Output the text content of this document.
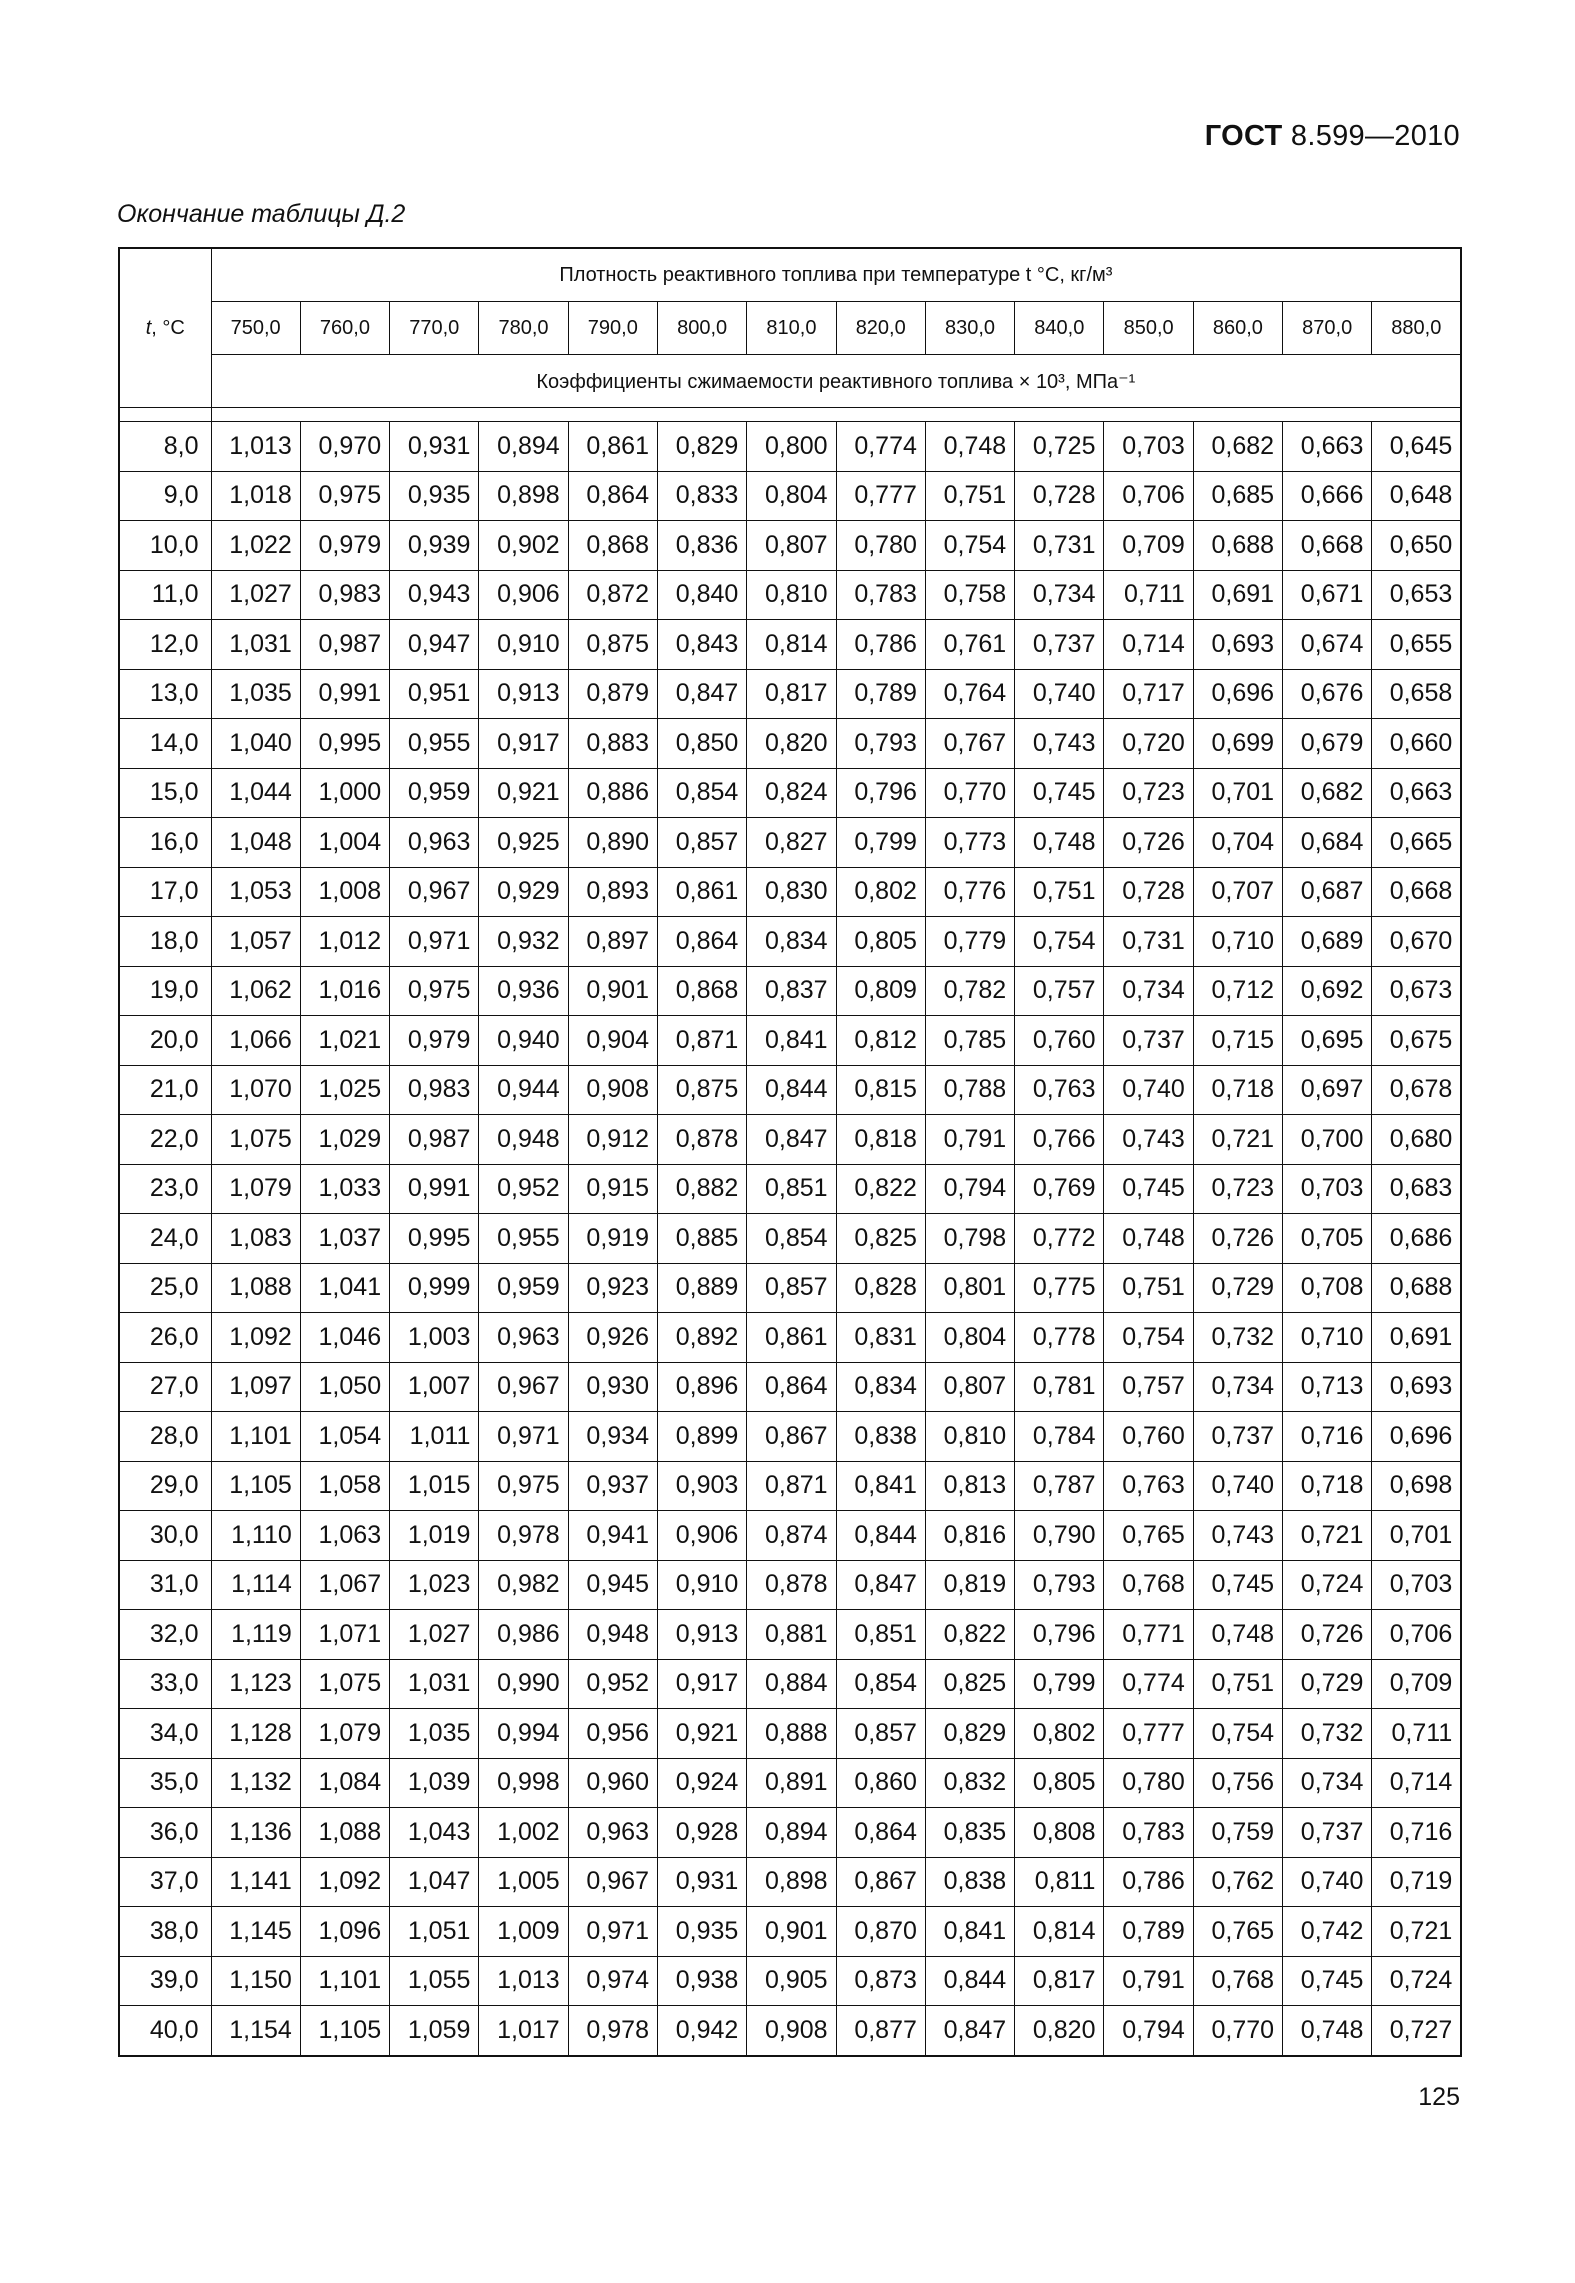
ГОСТ 8.599—2010
Окончание таблицы Д.2
t, °C	Плотность реактивного топлива при температуре t °C, кг/м³													
	750,0	760,0	770,0	780,0	790,0	800,0	810,0	820,0	830,0	840,0	850,0	860,0	870,0	880,0
	Коэффициенты сжимаемости реактивного топлива × 10³, МПа⁻¹													

8,0	1,013	0,970	0,931	0,894	0,861	0,829	0,800	0,774	0,748	0,725	0,703	0,682	0,663	0,645
9,0	1,018	0,975	0,935	0,898	0,864	0,833	0,804	0,777	0,751	0,728	0,706	0,685	0,666	0,648
10,0	1,022	0,979	0,939	0,902	0,868	0,836	0,807	0,780	0,754	0,731	0,709	0,688	0,668	0,650
11,0	1,027	0,983	0,943	0,906	0,872	0,840	0,810	0,783	0,758	0,734	0,711	0,691	0,671	0,653
12,0	1,031	0,987	0,947	0,910	0,875	0,843	0,814	0,786	0,761	0,737	0,714	0,693	0,674	0,655
13,0	1,035	0,991	0,951	0,913	0,879	0,847	0,817	0,789	0,764	0,740	0,717	0,696	0,676	0,658
14,0	1,040	0,995	0,955	0,917	0,883	0,850	0,820	0,793	0,767	0,743	0,720	0,699	0,679	0,660
15,0	1,044	1,000	0,959	0,921	0,886	0,854	0,824	0,796	0,770	0,745	0,723	0,701	0,682	0,663
16,0	1,048	1,004	0,963	0,925	0,890	0,857	0,827	0,799	0,773	0,748	0,726	0,704	0,684	0,665
17,0	1,053	1,008	0,967	0,929	0,893	0,861	0,830	0,802	0,776	0,751	0,728	0,707	0,687	0,668
18,0	1,057	1,012	0,971	0,932	0,897	0,864	0,834	0,805	0,779	0,754	0,731	0,710	0,689	0,670
19,0	1,062	1,016	0,975	0,936	0,901	0,868	0,837	0,809	0,782	0,757	0,734	0,712	0,692	0,673
20,0	1,066	1,021	0,979	0,940	0,904	0,871	0,841	0,812	0,785	0,760	0,737	0,715	0,695	0,675
21,0	1,070	1,025	0,983	0,944	0,908	0,875	0,844	0,815	0,788	0,763	0,740	0,718	0,697	0,678
22,0	1,075	1,029	0,987	0,948	0,912	0,878	0,847	0,818	0,791	0,766	0,743	0,721	0,700	0,680
23,0	1,079	1,033	0,991	0,952	0,915	0,882	0,851	0,822	0,794	0,769	0,745	0,723	0,703	0,683
24,0	1,083	1,037	0,995	0,955	0,919	0,885	0,854	0,825	0,798	0,772	0,748	0,726	0,705	0,686
25,0	1,088	1,041	0,999	0,959	0,923	0,889	0,857	0,828	0,801	0,775	0,751	0,729	0,708	0,688
26,0	1,092	1,046	1,003	0,963	0,926	0,892	0,861	0,831	0,804	0,778	0,754	0,732	0,710	0,691
27,0	1,097	1,050	1,007	0,967	0,930	0,896	0,864	0,834	0,807	0,781	0,757	0,734	0,713	0,693
28,0	1,101	1,054	1,011	0,971	0,934	0,899	0,867	0,838	0,810	0,784	0,760	0,737	0,716	0,696
29,0	1,105	1,058	1,015	0,975	0,937	0,903	0,871	0,841	0,813	0,787	0,763	0,740	0,718	0,698
30,0	1,110	1,063	1,019	0,978	0,941	0,906	0,874	0,844	0,816	0,790	0,765	0,743	0,721	0,701
31,0	1,114	1,067	1,023	0,982	0,945	0,910	0,878	0,847	0,819	0,793	0,768	0,745	0,724	0,703
32,0	1,119	1,071	1,027	0,986	0,948	0,913	0,881	0,851	0,822	0,796	0,771	0,748	0,726	0,706
33,0	1,123	1,075	1,031	0,990	0,952	0,917	0,884	0,854	0,825	0,799	0,774	0,751	0,729	0,709
34,0	1,128	1,079	1,035	0,994	0,956	0,921	0,888	0,857	0,829	0,802	0,777	0,754	0,732	0,711
35,0	1,132	1,084	1,039	0,998	0,960	0,924	0,891	0,860	0,832	0,805	0,780	0,756	0,734	0,714
36,0	1,136	1,088	1,043	1,002	0,963	0,928	0,894	0,864	0,835	0,808	0,783	0,759	0,737	0,716
37,0	1,141	1,092	1,047	1,005	0,967	0,931	0,898	0,867	0,838	0,811	0,786	0,762	0,740	0,719
38,0	1,145	1,096	1,051	1,009	0,971	0,935	0,901	0,870	0,841	0,814	0,789	0,765	0,742	0,721
39,0	1,150	1,101	1,055	1,013	0,974	0,938	0,905	0,873	0,844	0,817	0,791	0,768	0,745	0,724
40,0	1,154	1,105	1,059	1,017	0,978	0,942	0,908	0,877	0,847	0,820	0,794	0,770	0,748	0,727
125
